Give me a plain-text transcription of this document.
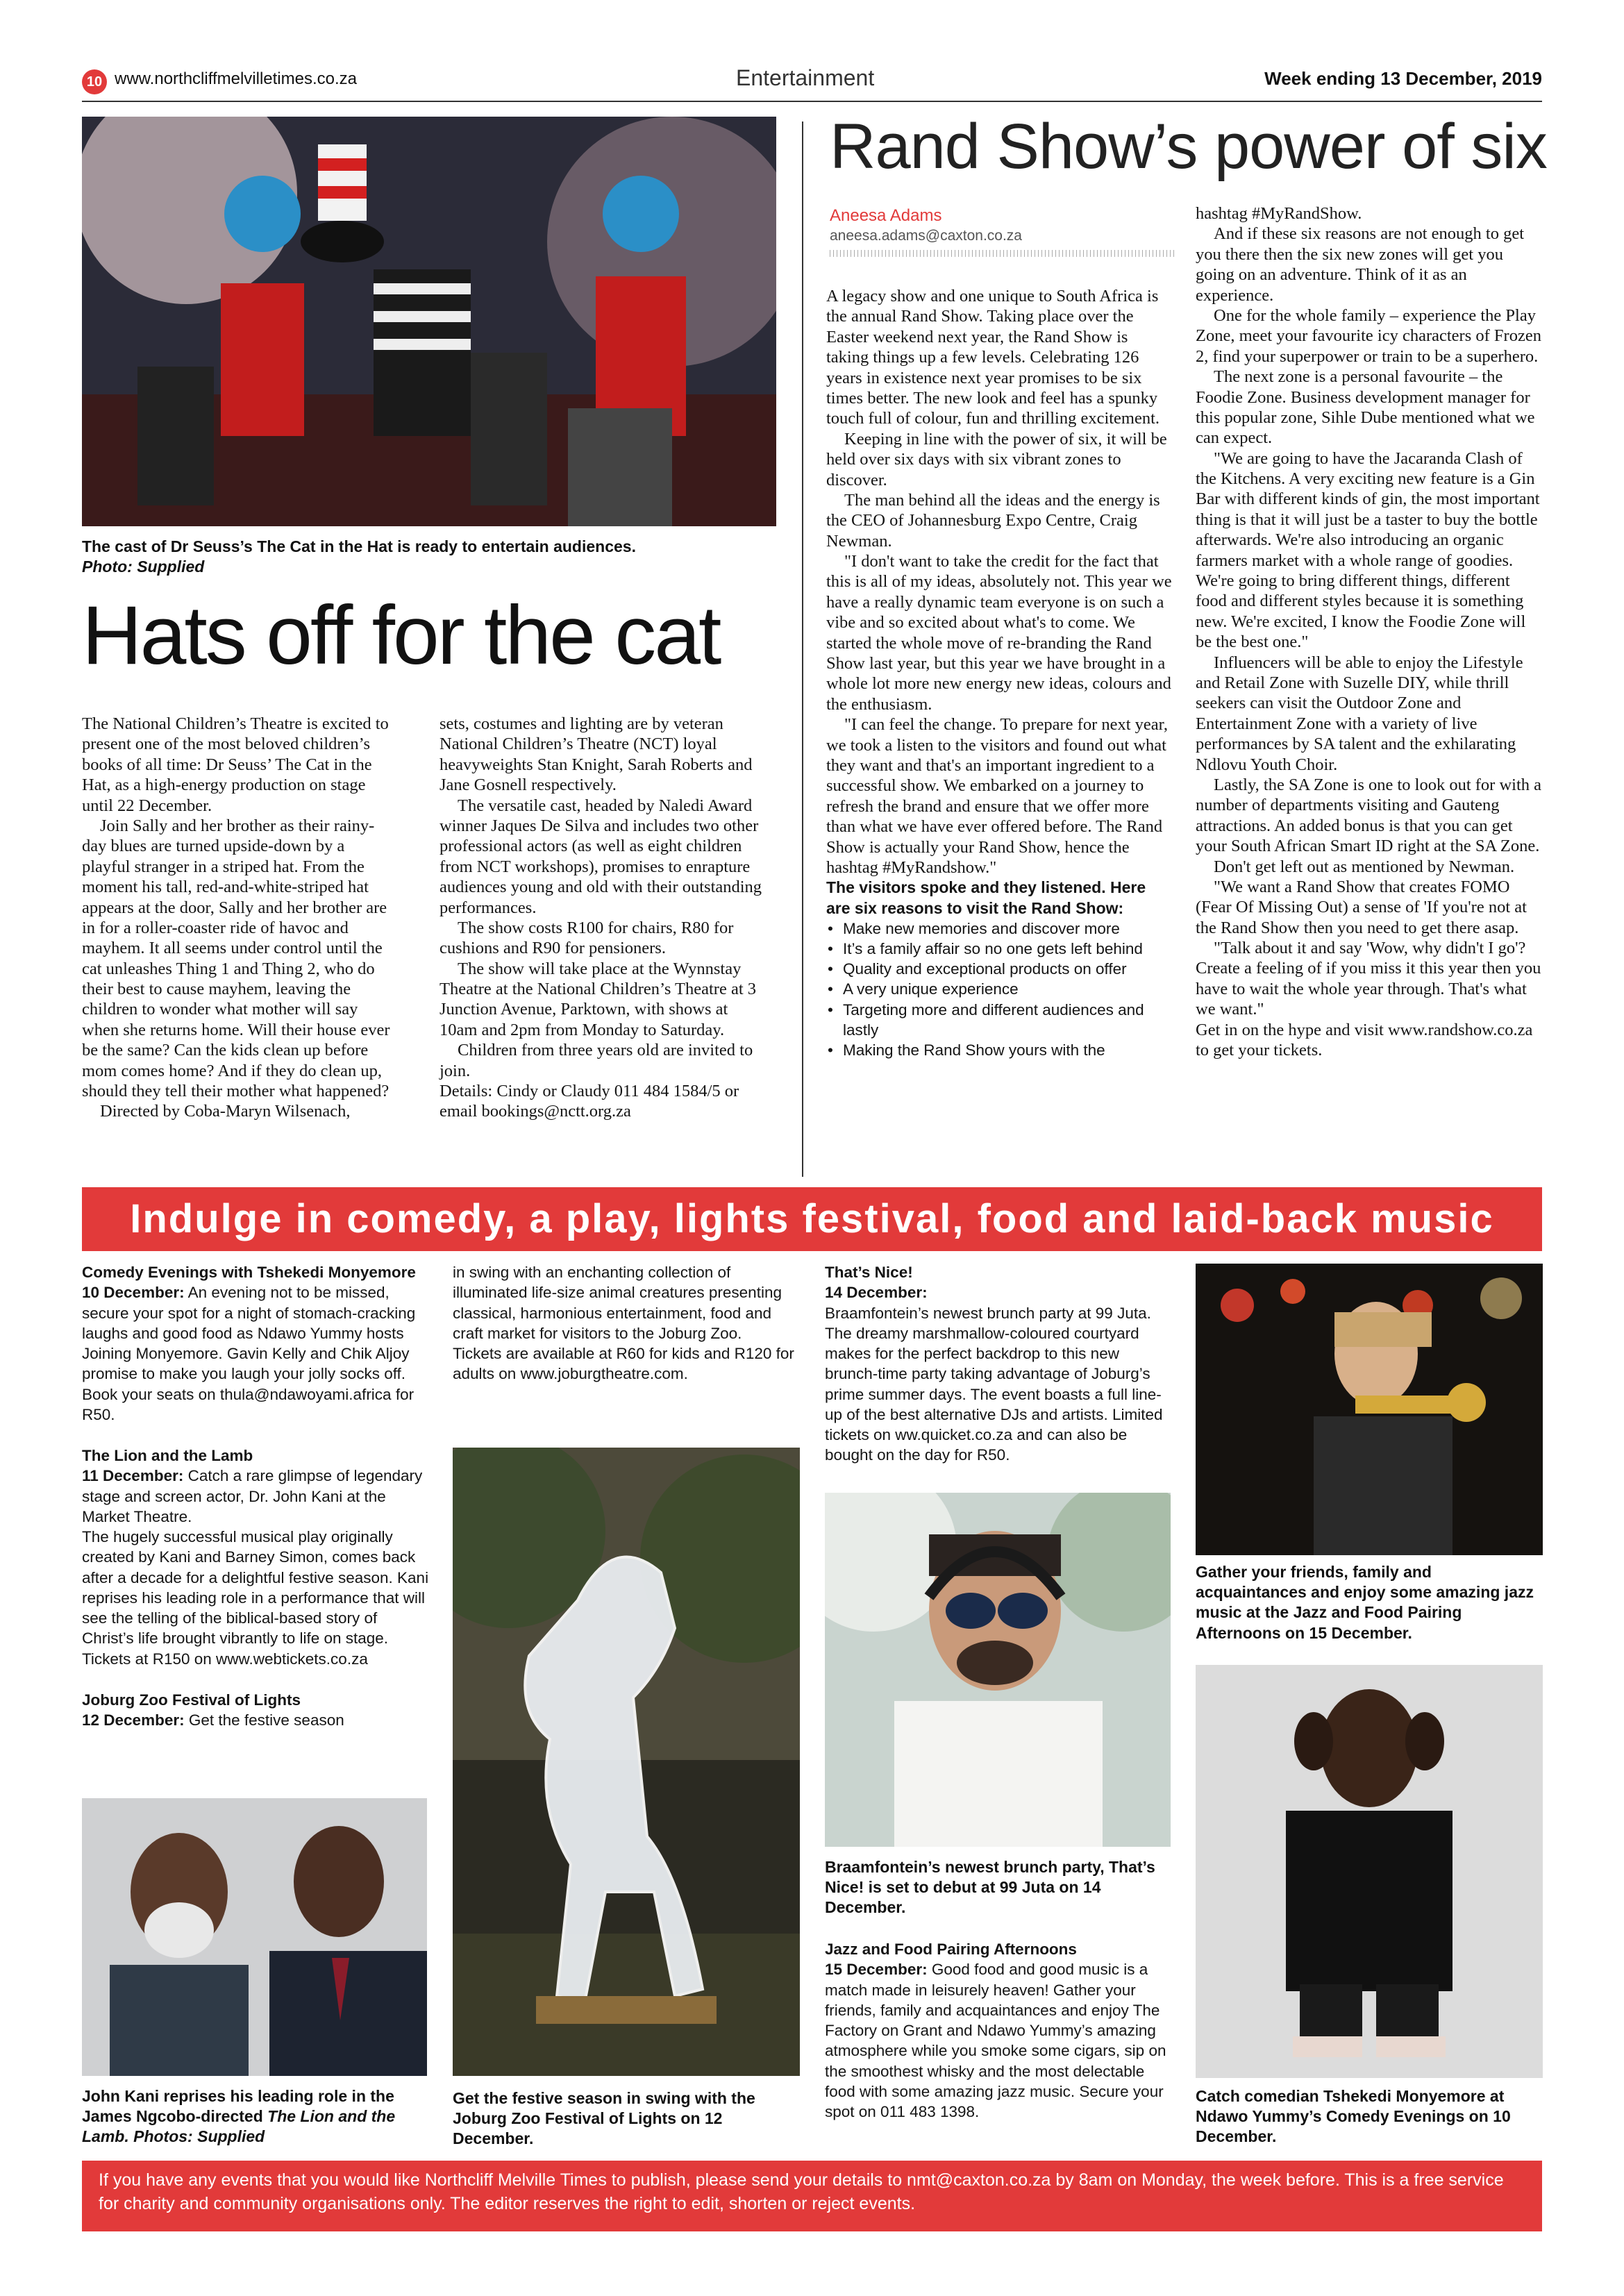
10 www.northcliffmelvilletimes.co.za	Entertainment	Week ending 13 December, 2019
The cast of Dr Seuss’s The Cat in the Hat is ready to entertain audiences.
Photo: Supplied
Hats off for the cat

The National Children’s Theatre is excited to present one of the most beloved children’s books of all time: Dr Seuss’ The Cat in the Hat, as a high-energy production on stage until 22 December.

Join Sally and her brother as their rainy-day blues are turned upside-down by a playful stranger in a striped hat. From the moment his tall, red-and-white-striped hat appears at the door, Sally and her brother are in for a roller-coaster ride of havoc and mayhem. It all seems under control until the cat unleashes Thing 1 and Thing 2, who do their best to cause mayhem, leaving the children to wonder what mother will say when she returns home. Will their house ever be the same? Can the kids clean up before mom comes home? And if they do clean up, should they tell their mother what happened?

Directed by Coba-Maryn Wilsenach,

sets, costumes and lighting are by veteran National Children’s Theatre (NCT) loyal heavyweights Stan Knight, Sarah Roberts and Jane Gosnell respectively.

The versatile cast, headed by Naledi Award winner Jaques De Silva and includes two other professional actors (as well as eight children from NCT workshops), promises to enrapture audiences young and old with their outstanding performances.

The show costs R100 for chairs, R80 for cushions and R90 for pensioners.

The show will take place at the Wynnstay Theatre at the National Children’s Theatre at 3 Junction Avenue, Parktown, with shows at 10am and 2pm from Monday to Saturday.

Children from three years old are invited to join.

Details: Cindy or Claudy 011 484 1584/5 or email bookings@nctt.org.za

Rand Show’s power of six
Aneesa Adams
aneesa.adams@caxton.co.za

A legacy show and one unique to South Africa is the annual Rand Show. Taking place over the Easter weekend next year, the Rand Show is taking things up a few levels. Celebrating 126 years in existence next year promises to be six times better. The new look and feel has a spunky touch full of colour, fun and thrilling excitement.

Keeping in line with the power of six, it will be held over six days with six vibrant zones to discover.

The man behind all the ideas and the energy is the CEO of Johannesburg Expo Centre, Craig Newman.

"I don't want to take the credit for the fact that this is all of my ideas, absolutely not. This year we have a really dynamic team everyone is on such a vibe and so excited about what's to come. We started the whole move of re-branding the Rand Show last year, but this year we have brought in a whole lot more new energy new ideas, colours and the enthusiasm.

"I can feel the change. To prepare for next year, we took a listen to the visitors and found out what they want and that's an important ingredient to a successful show. We embarked on a journey to refresh the brand and ensure that we offer more than what we have ever offered before. The Rand Show is actually your Rand Show, hence the hashtag #MyRandshow."

The visitors spoke and they listened. Here are six reasons to visit the Rand Show:
• Make new memories and discover more
• It’s a family affair so no one gets left behind
• Quality and exceptional products on offer
• A very unique experience
• Targeting more and different audiences and lastly
• Making the Rand Show yours with the

hashtag #MyRandShow.

And if these six reasons are not enough to get you there then the six new zones will get you going on an adventure. Think of it as an experience.

One for the whole family – experience the Play Zone, meet your favourite icy characters of Frozen 2, find your superpower or train to be a superhero.

The next zone is a personal favourite – the Foodie Zone. Business development manager for this popular zone, Sihle Dube mentioned what we can expect.

"We are going to have the Jacaranda Clash of the Kitchens. A very exciting new feature is a Gin Bar with different kinds of gin, the most important thing is that it will just be a taster to buy the bottle afterwards. We're also introducing an organic farmers market with a whole range of goodies. We're going to bring different things, different food and different styles because it is something new. We're excited, I know the Foodie Zone will be the best one."

Influencers will be able to enjoy the Lifestyle and Retail Zone with Suzelle DIY, while thrill seekers can visit the Outdoor Zone and Entertainment Zone with a variety of live performances by SA talent and the exhilarating Ndlovu Youth Choir.

Lastly, the SA Zone is one to look out for with a number of departments visiting and Gauteng attractions. An added bonus is that you can get your South African Smart ID right at the SA Zone.

Don't get left out as mentioned by Newman.

"We want a Rand Show that creates FOMO (Fear Of Missing Out) a sense of 'If you're not at the Rand Show then you need to get there asap.

"Talk about it and say 'Wow, why didn't I go'? Create a feeling of if you miss it this year then you have to wait the whole year through. That's what we want."

Get in on the hype and visit www.randshow.co.za to get your tickets.

Indulge in comedy, a play, lights festival, food and laid-back music

Comedy Evenings with Tshekedi Monyemore

10 December: An evening not to be missed, secure your spot for a night of stomach-cracking laughs and good food as Ndawo Yummy hosts Joining Monyemore. Gavin Kelly and Chik Aljoy promise to make you laugh your jolly socks off. Book your seats on thula@ndawoyami.africa for R50.

The Lion and the Lamb

11 December: Catch a rare glimpse of legendary stage and screen actor, Dr. John Kani at the Market Theatre.

The hugely successful musical play originally created by Kani and Barney Simon, comes back after a decade for a delightful festive season. Kani reprises his leading role in a performance that will see the telling of the biblical-based story of Christ’s life brought vibrantly to life on stage. Tickets at R150 on www.webtickets.co.za

Joburg Zoo Festival of Lights

12 December: Get the festive season

in swing with an enchanting collection of illuminated life-size animal creatures presenting classical, harmonious entertainment, food and craft market for visitors to the Joburg Zoo.

Tickets are available at R60 for kids and R120 for adults on www.joburgtheatre.com.

That’s Nice!

14 December:

Braamfontein’s newest brunch party at 99 Juta. The dreamy marshmallow-coloured courtyard makes for the perfect backdrop to this new brunch-time party taking advantage of Joburg’s prime summer days. The event boasts a full line-up of the best alternative DJs and artists. Limited tickets on ww.quicket.co.za and can also be bought on the day for R50.

John Kani reprises his leading role in the James Ngcobo-directed The Lion and the Lamb. Photos: Supplied
Get the festive season in swing with the Joburg Zoo Festival of Lights on 12 December.
Braamfontein’s newest brunch party, That’s Nice! is set to debut at 99 Juta on 14 December.

Jazz and Food Pairing Afternoons

15 December: Good food and good music is a match made in leisurely heaven! Gather your friends, family and acquaintances and enjoy The Factory on Grant and Ndawo Yummy’s amazing atmosphere while you smoke some cigars, sip on the smoothest whisky and the most delectable food with some amazing jazz music. Secure your spot on 011 483 1398.

Gather your friends, family and acquaintances and enjoy some amazing jazz music at the Jazz and Food Pairing Afternoons on 15 December.
Catch comedian Tshekedi Monyemore at Ndawo Yummy’s Comedy Evenings on 10 December.
If you have any events that you would like Northcliff Melville Times to publish, please send your details to nmt@caxton.co.za by 8am on Monday, the week before. This is a free service for charity and community organisations only. The editor reserves the right to edit, shorten or reject events.
